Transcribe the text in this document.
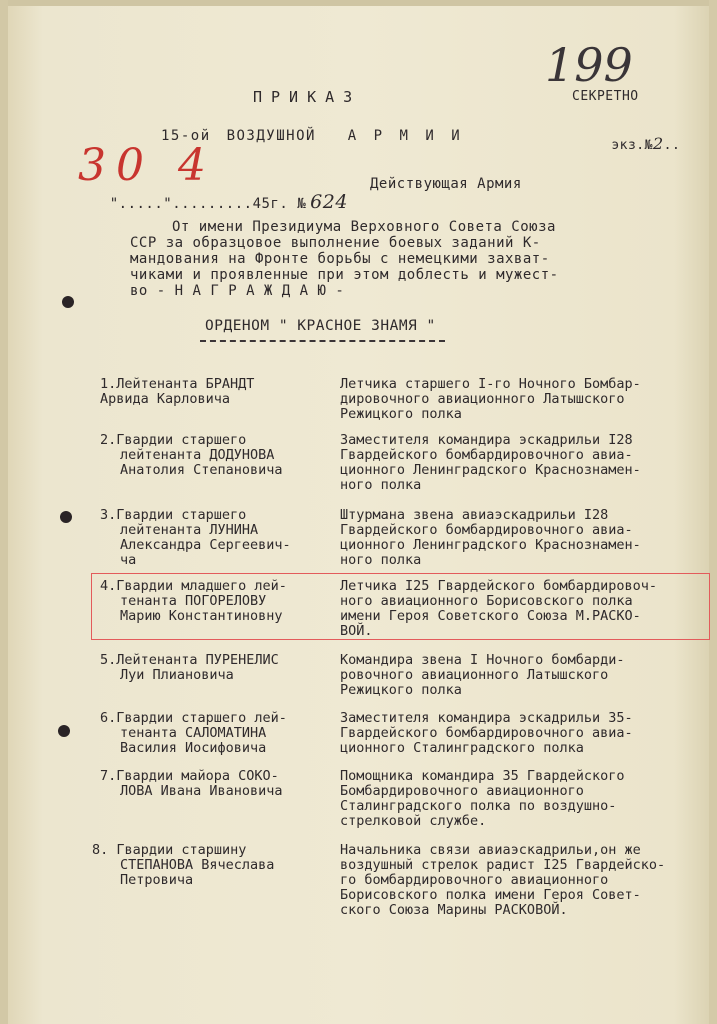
ПРИКАЗ
199
СЕКРЕТНО

экз.№2..

15-ой ВОЗДУШНОЙ  А Р М И И

".....".........45г. № 624

30 4	Действующая Армия
От имени Президиума Верховного Совета Союза
ССР за образцовое выполнение боевых заданий К-
мандования на Фронте борьбы с немецкими захват-
чиками и проявленные при этом доблесть и мужест-
во - Н А Г Р А Ж Д А Ю -
ОРДЕНОМ " КРАСНОЕ ЗНАМЯ "
1.Лейтенанта БРАНДТ
Арвида Карловича
Летчика старшего I-го Ночного Бомбар-
дировочного авиационного Латышского
Режицкого полка
2.Гвардии старшего
лейтенанта ДОДУНОВА
Анатолия Степановича
Заместителя командира эскадрильи I28
Гвардейского бомбардировочного авиа-
ционного Ленинградского Краснознамен-
ного полка
3.Гвардии старшего
лейтенанта ЛУНИНА
Александра Сергеевич-
ча
Штурмана звена авиаэскадрильи I28
Гвардейского бомбардировочного авиа-
ционного Ленинградского Краснознамен-
ного полка
4.Гвардии младшего лей-
тенанта ПОГОРЕЛОВУ
Марию Константиновну
Летчика I25 Гвардейского бомбардировоч-
ного авиационного Борисовского полка
имени Героя Советского Союза М.РАСКО-
ВОЙ.
5.Лейтенанта ПУРЕНЕЛИС
Луи Плиановича
Командира звена I Ночного бомбарди-
ровочного авиационного Латышского
Режицкого полка
6.Гвардии старшего лей-
тенанта САЛОМАТИНА
Василия Иосифовича
Заместителя командира эскадрильи 35-
Гвардейского бомбардировочного авиа-
ционного Сталинградского полка
7.Гвардии майора СОКО-
ЛОВА Ивана Ивановича
Помощника командира 35 Гвардейского
Бомбардировочного авиационного
Сталинградского полка по воздушно-
стрелковой службе.
8. Гвардии старшину
СТЕПАНОВА Вячеслава
Петровича
Начальника связи авиаэскадрильи,он же
воздушный стрелок радист I25 Гвардейско-
го бомбардировочного авиационного
Борисовского полка имени Героя Совет-
ского Союза Марины РАСКОВОЙ.
